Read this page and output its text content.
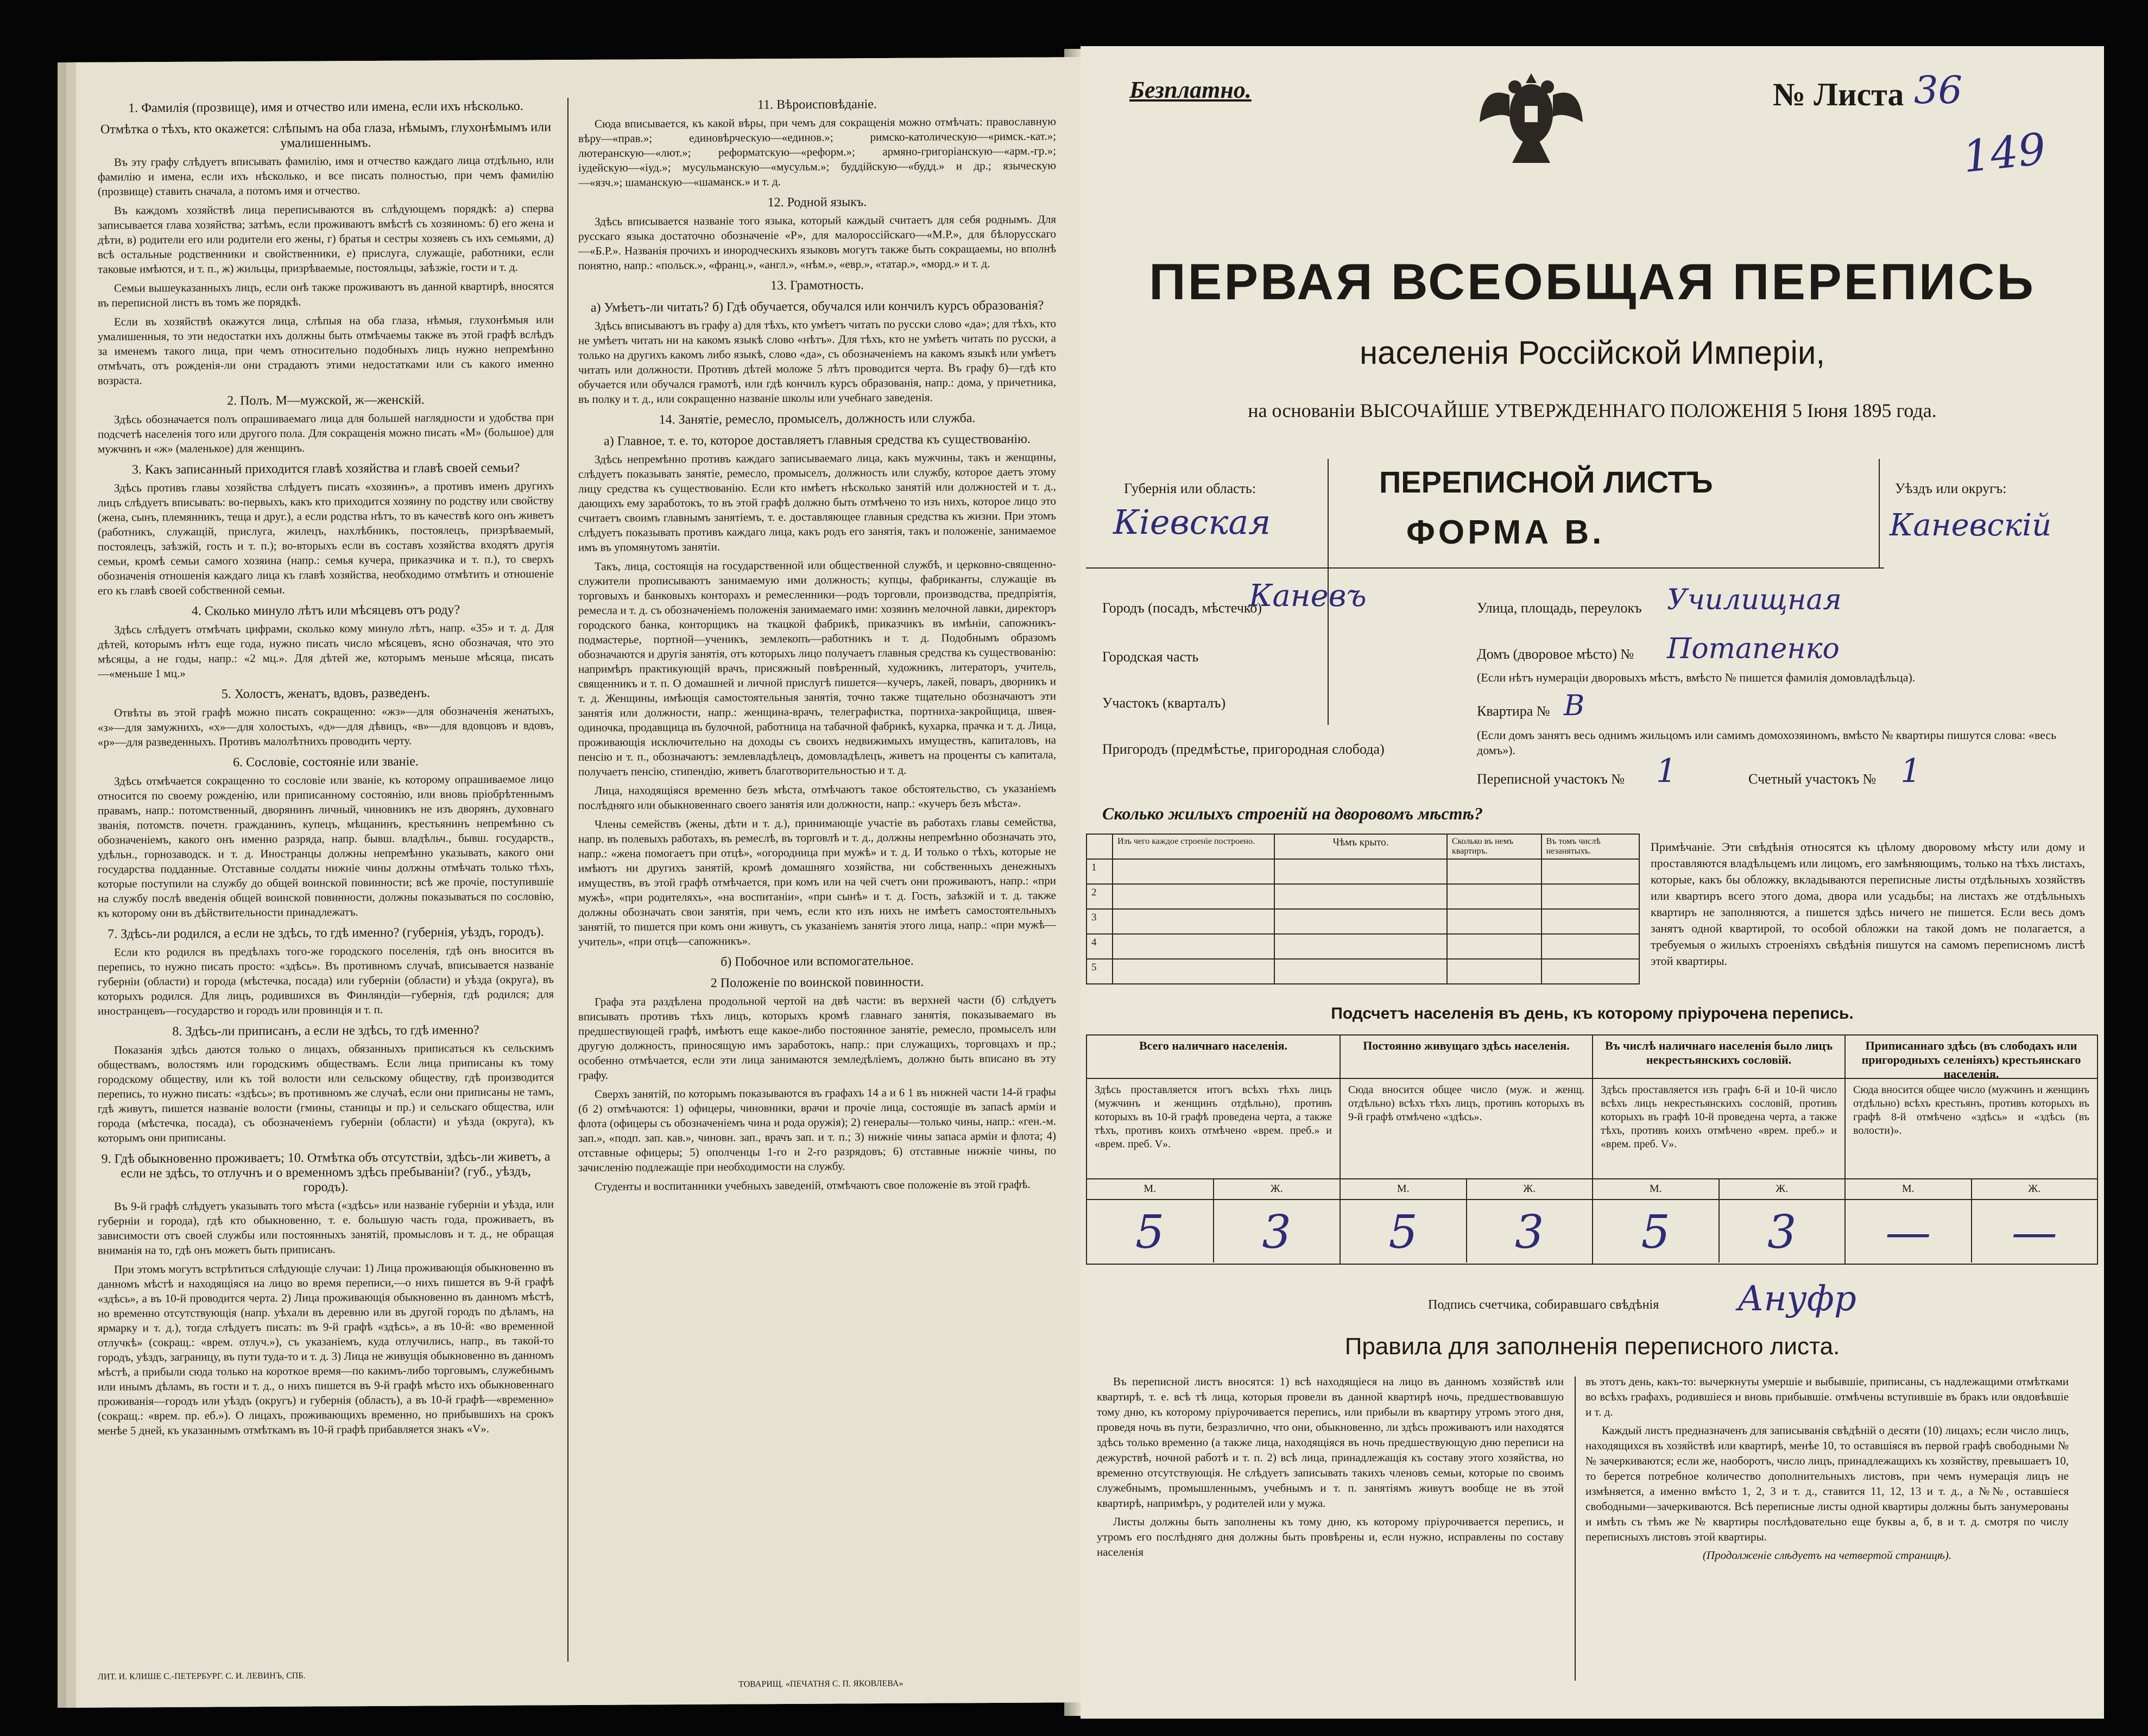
1. Фамилія (прозвище), имя и отчество или имена, если ихъ нѣсколько.
Отмѣтка о тѣхъ, кто окажется: слѣпымъ на оба глаза, нѣмымъ, глухонѣмымъ или умалишеннымъ.

Въ эту графу слѣдуетъ вписывать фамилію, имя и отчество каждаго лица отдѣльно, или фамилію и имена, если ихъ нѣсколько, и все писать полностью, при чемъ фамилію (прозвище) ставить сначала, а потомъ имя и отчество.

Въ каждомъ хозяйствѣ лица переписываются въ слѣдующемъ порядкѣ: а) сперва записывается глава хозяйства; затѣмъ, если проживаютъ вмѣстѣ съ хозяиномъ: б) его жена и дѣти, в) родители его или родители его жены, г) братья и сестры хозяевъ съ ихъ семьями, д) всѣ остальные родственники и свойственники, е) прислуга, служащіе, работники, если таковые имѣются, и т. п., ж) жильцы, призрѣваемые, постояльцы, заѣзжіе, гости и т. д.

Семьи вышеуказанныхъ лицъ, если онѣ также проживаютъ въ данной квартирѣ, вносятся въ переписной листъ въ томъ же порядкѣ.

Если въ хозяйствѣ окажутся лица, слѣпыя на оба глаза, нѣмыя, глухонѣмыя или умалишенныя, то эти недостатки ихъ должны быть отмѣчаемы также въ этой графѣ вслѣдъ за именемъ такого лица, при чемъ относительно подобныхъ лицъ нужно непремѣнно отмѣчать, отъ рожденія-ли они страдаютъ этими недостатками или съ какого именно возраста.

2. Полъ. М—мужской, ж—женскій.

Здѣсь обозначается полъ опрашиваемаго лица для большей наглядности и удобства при подсчетѣ населенія того или другого пола. Для сокращенія можно писать «М» (большое) для мужчинъ и «ж» (маленькое) для женщинъ.

3. Какъ записанный приходится главѣ хозяйства и главѣ своей семьи?

Здѣсь противъ главы хозяйства слѣдуетъ писать «хозяинъ», а противъ именъ другихъ лицъ слѣдуетъ вписывать: во-первыхъ, какъ кто приходится хозяину по родству или свойству (жена, сынъ, племянникъ, теща и друг.), а если родства нѣтъ, то въ качествѣ кого онъ живетъ (работникъ, служащій, прислуга, жилецъ, нахлѣбникъ, постоялецъ, призрѣваемый, постоялецъ, заѣзжій, гость и т. п.); во-вторыхъ если въ составъ хозяйства входятъ другія семьи, кромѣ семьи самого хозяина (напр.: семья кучера, приказчика и т. п.), то сверхъ обозначенія отношенія каждаго лица къ главѣ хозяйства, необходимо отмѣтить и отношеніе его къ главѣ своей собственной семьи.

4. Сколько минуло лѣтъ или мѣсяцевъ отъ роду?

Здѣсь слѣдуетъ отмѣчать цифрами, сколько кому минуло лѣтъ, напр. «35» и т. д. Для дѣтей, которымъ нѣтъ еще года, нужно писать число мѣсяцевъ, ясно обозначая, что это мѣсяцы, а не годы, напр.: «2 мц.». Для дѣтей же, которымъ меньше мѣсяца, писать—«меньше 1 мц.»

5. Холостъ, женатъ, вдовъ, разведенъ.

Отвѣты въ этой графѣ можно писать сокращенно: «жз»—для обозначенія женатыхъ, «з»—для замужнихъ, «х»—для холостыхъ, «д»—для дѣвицъ, «в»—для вдовцовъ и вдовъ, «р»—для разведенныхъ. Противъ малолѣтнихъ проводить черту.

6. Сословіе, состояніе или званіе.

Здѣсь отмѣчается сокращенно то сословіе или званіе, къ которому опрашиваемое лицо относится по своему рожденію, или приписанному состоянію, или вновь пріобрѣтеннымъ правамъ, напр.: потомственный, дворянинъ личный, чиновникъ не изъ дворянъ, духовнаго званія, потомств. почетн. гражданинъ, купецъ, мѣщанинъ, крестьянинъ непремѣнно съ обозначеніемъ, какого онъ именно разряда, напр. бывш. владѣльч., бывш. государств., удѣльн., горнозаводск. и т. д. Иностранцы должны непремѣнно указывать, какого они государства подданные. Отставные солдаты нижніе чины должны отмѣчать только тѣхъ, которые поступили на службу до общей воинской повинности; всѣ же прочіе, поступившіе на службу послѣ введенія общей воинской повинности, должны показываться по сословію, къ которому они въ дѣйствительности принадлежатъ.

7. Здѣсь-ли родился, а если не здѣсь, то гдѣ именно? (губернія, уѣздъ, городъ).

Если кто родился въ предѣлахъ того-же городского поселенія, гдѣ онъ вносится въ перепись, то нужно писать просто: «здѣсь». Въ противномъ случаѣ, вписывается названіе губерніи (области) и города (мѣстечка, посада) или губерніи (области) и уѣзда (округа), въ которыхъ родился. Для лицъ, родившихся въ Финляндіи—губернія, гдѣ родился; для иностранцевъ—государство и городъ или провинція и т. п.

8. Здѣсь-ли приписанъ, а если не здѣсь, то гдѣ именно?

Показанія здѣсь даются только о лицахъ, обязанныхъ приписаться къ сельскимъ обществамъ, волостямъ или городскимъ обществамъ. Если лица приписаны къ тому городскому обществу, или къ той волости или сельскому обществу, гдѣ производится перепись, то нужно писать: «здѣсь»; въ противномъ же случаѣ, если они приписаны не тамъ, гдѣ живутъ, пишется названіе волости (гмины, станицы и пр.) и сельскаго общества, или города (мѣстечка, посада), съ обозначеніемъ губерніи (области) и уѣзда (округа), къ которымъ они приписаны.

9. Гдѣ обыкновенно проживаетъ; 10. Отмѣтка объ отсутствіи, здѣсь-ли живетъ, а если не здѣсь, то отлучнъ и о временномъ здѣсь пребываніи? (губ., уѣздъ, городъ).

Въ 9-й графѣ слѣдуетъ указывать того мѣста («здѣсь» или названіе губерніи и уѣзда, или губерніи и города), гдѣ кто обыкновенно, т. е. большую часть года, проживаетъ, въ зависимости отъ своей службы или постоянныхъ занятій, промысловъ и т. д., не обращая вниманія на то, гдѣ онъ можетъ быть приписанъ.

При этомъ могутъ встрѣтиться слѣдующіе случаи: 1) Лица проживающія обыкновенно въ данномъ мѣстѣ и находящіяся на лицо во время переписи,—о нихъ пишется въ 9-й графѣ «здѣсь», а въ 10-й проводится черта. 2) Лица проживающія обыкновенно въ данномъ мѣстѣ, но временно отсутствующія (напр. уѣхали въ деревню или въ другой городъ по дѣламъ, на ярмарку и т. д.), тогда слѣдуетъ писать: въ 9-й графѣ «здѣсь», а въ 10-й: «во временной отлучкѣ» (сокращ.: «врем. отлуч.»), съ указаніемъ, куда отлучились, напр., въ такой-то городъ, уѣздъ, заграницу, въ пути туда-то и т. д. 3) Лица не живущія обыкновенно въ данномъ мѣстѣ, а прибыли сюда только на короткое время—по какимъ-либо торговымъ, служебнымъ или инымъ дѣламъ, въ гости и т. д., о нихъ пишется въ 9-й графѣ мѣсто ихъ обыкновеннаго проживанія—городъ или уѣздъ (округъ) и губернія (область), а въ 10-й графѣ—«временно» (сокращ.: «врем. пр. еб.»). О лицахъ, проживающихъ временно, но прибывшихъ на срокъ менѣе 5 дней, къ указаннымъ отмѣткамъ въ 10-й графѣ прибавляется знакъ «V».

11. Вѣроисповѣданіе.

Сюда вписывается, къ какой вѣры, при чемъ для сокращенія можно отмѣчать: православную вѣру—«прав.»; единовѣрческую—«единов.»; римско-католическую—«римск.-кат.»; лютеранскую—«лют.»; реформатскую—«реформ.»; армяно-григоріанскую—«арм.-гр.»; іудейскую—«іуд.»; мусульманскую—«мусульм.»; буддійскую—«будд.» и др.; языческую—«язч.»; шаманскую—«шаманск.» и т. д.

12. Родной языкъ.

Здѣсь вписывается названіе того языка, который каждый считаетъ для себя роднымъ. Для русскаго языка достаточно обозначеніе «Р», для малороссійскаго—«М.Р.», для бѣлорусскаго—«Б.Р.». Названія прочихъ и инородческихъ языковъ могутъ также быть сокращаемы, но вполнѣ понятно, напр.: «польск.», «франц.», «англ.», «нѣм.», «евр.», «татар.», «морд.» и т. д.

13. Грамотность.
а) Умѣетъ-ли читать? б) Гдѣ обучается, обучался или кончилъ курсъ образованія?

Здѣсь вписываютъ въ графу а) для тѣхъ, кто умѣетъ читать по русски слово «да»; для тѣхъ, кто не умѣетъ читать ни на какомъ языкѣ слово «нѣтъ». Для тѣхъ, кто не умѣетъ читать по русски, а только на другихъ какомъ либо языкѣ, слово «да», съ обозначеніемъ на какомъ языкѣ или умѣетъ читать или должности. Противъ дѣтей моложе 5 лѣтъ проводится черта. Въ графу б)—гдѣ кто обучается или обучался грамотѣ, или гдѣ кончилъ курсъ образованія, напр.: дома, у причетника, въ полку и т. д., или сокращенно названіе школы или учебнаго заведенія.

14. Занятіе, ремесло, промыселъ, должность или служба.
а) Главное, т. е. то, которое доставляетъ главныя средства къ существованію.

Здѣсь непремѣнно противъ каждаго записываемаго лица, какъ мужчины, такъ и женщины, слѣдуетъ показывать занятіе, ремесло, промыселъ, должность или службу, которое даетъ этому лицу средства къ существованію. Если кто имѣетъ нѣсколько занятій или должностей и т. д., дающихъ ему заработокъ, то въ этой графѣ должно быть отмѣчено то изъ нихъ, которое лицо это считаетъ своимъ главнымъ занятіемъ, т. е. доставляющее главныя средства къ жизни. При этомъ слѣдуетъ показывать противъ каждаго лица, какъ родъ его занятія, такъ и положеніе, занимаемое имъ въ упомянутомъ занятіи.

Такъ, лица, состоящія на государственной или общественной службѣ, и церковно-священно-служители прописываютъ занимаемую ими должность; купцы, фабриканты, служащіе въ торговыхъ и банковыхъ конторахъ и ремесленники—родъ торговли, производства, предпріятія, ремесла и т. д. съ обозначеніемъ положенія занимаемаго ими: хозяинъ мелочной лавки, директоръ городского банка, конторщикъ на ткацкой фабрикѣ, приказчикъ въ имѣніи, сапожникъ-подмастерье, портной—ученикъ, землекопъ—работникъ и т. д. Подобнымъ образомъ обозначаются и другія занятія, отъ которыхъ лицо получаетъ главныя средства къ существованію: напримѣръ практикующій врачъ, присяжный повѣренный, художникъ, литераторъ, учитель, священникъ и т. п. О домашней и личной прислугѣ пишется—кучеръ, лакей, поваръ, дворникъ и т. д. Женщины, имѣющія самостоятельныя занятія, точно также тщательно обозначаютъ эти занятія или должности, напр.: женщина-врачъ, телеграфистка, портниха-закройщица, швея-одиночка, продавщица въ булочной, работница на табачной фабрикѣ, кухарка, прачка и т. д. Лица, проживающія исключительно на доходы съ своихъ недвижимыхъ имуществъ, капиталовъ, на пенсію и т. п., обозначаютъ: землевладѣлецъ, домовладѣлецъ, живетъ на проценты съ капитала, получаетъ пенсію, стипендію, живетъ благотворительностью и т. д.

Лица, находящіяся временно безъ мѣста, отмѣчаютъ такое обстоятельство, съ указаніемъ послѣдняго или обыкновеннаго своего занятія или должности, напр.: «кучеръ безъ мѣста».

Члены семействъ (жены, дѣти и т. д.), принимающіе участіе въ работахъ главы семейства, напр. въ полевыхъ работахъ, въ ремеслѣ, въ торговлѣ и т. д., должны непремѣнно обозначать это, напр.: «жена помогаетъ при отцѣ», «огородница при мужѣ» и т. д. И только о тѣхъ, которые не имѣютъ ни другихъ занятій, кромѣ домашняго хозяйства, ни собственныхъ денежныхъ имуществъ, въ этой графѣ отмѣчается, при комъ или на чей счетъ они проживаютъ, напр.: «при мужѣ», «при родителяхъ», «на воспитаніи», «при сынѣ» и т. д. Гость, заѣзжій и т. д. также должны обозначать свои занятія, при чемъ, если кто изъ нихъ не имѣетъ самостоятельныхъ занятій, то пишется при комъ они живутъ, съ указаніемъ занятія этого лица, напр.: «при мужѣ—учитель», «при отцѣ—сапожникъ».

б) Побочное или вспомогательное.
2 Положеніе по воинской повинности.

Графа эта раздѣлена продольной чертой на двѣ части: въ верхней части (б) слѣдуетъ вписывать противъ тѣхъ лицъ, которыхъ кромѣ главнаго занятія, показываемаго въ предшествующей графѣ, имѣютъ еще какое-либо постоянное занятіе, ремесло, промыселъ или другую должность, приносящую имъ заработокъ, напр.: при служащихъ, торговцахъ и пр.; особенно отмѣчается, если эти лица занимаются земледѣліемъ, должно быть вписано въ эту графу.

Сверхъ занятій, по которымъ показываются въ графахъ 14 а и 6 1 въ нижней части 14-й графы (б 2) отмѣчаются: 1) офицеры, чиновники, врачи и прочіе лица, состоящіе въ запасѣ арміи и флота (офицеры съ обозначеніемъ чина и рода оружія); 2) генералы—только чины, напр.: «ген.-м. зап.», «подп. зап. кав.», чиновн. зап., врачъ зап. и т. п.; 3) нижніе чины запаса арміи и флота; 4) отставные офицеры; 5) ополченцы 1-го и 2-го разрядовъ; 6) отставные нижніе чины, по зачисленію подлежащіе при необходимости на службу.

Студенты и воспитанники учебныхъ заведеній, отмѣчаютъ свое положеніе въ этой графѣ.

ЛИТ. И. КЛИШЕ С.-ПЕТЕРБУРГ. С. И. ЛЕВИНЪ, СПБ.
ТОВАРИЩ. «ПЕЧАТНЯ С. П. ЯКОВЛЕВА»
Безплатно.	№ Листа 36
149
ПЕРВАЯ ВСЕОБЩАЯ ПЕРЕПИСЬ
населенія Россійской Имперіи,
на основаніи ВЫСОЧАЙШЕ УТВЕРЖДЕННАГО ПОЛОЖЕНІЯ 5 Іюня 1895 года.
Губернія или область:
Кіевская
ПЕРЕПИСНОЙ ЛИСТЪ
ФОРМА В.
Уѣздъ или округъ:
Каневскій
Городъ (посадъ, мѣстечко)
Каневъ
Городская часть
Участокъ (кварталъ)
Пригородъ (предмѣстье, пригородная слобода)
Улица, площадь, переулокъ Училищная
Домъ (дворовое мѣсто) № Потапенко
(Если нѣтъ нумераціи дворовыхъ мѣстъ, вмѣсто № пишется фамилія домовладѣльца).
Квартира № В
(Если домъ занятъ весь однимъ жильцомъ или самимъ домохозяиномъ, вмѣсто № квартиры пишутся слова: «весь домъ»).
Переписной участокъ № 1	Счетный участокъ № 1
Сколько жилыхъ строеній на дворовомъ мѣстѣ?
	Изъ чего каждое строеніе построено.	Чѣмъ крыто.	Сколько въ немъ квартиръ.	Въ томъ числѣ незанятыхъ.
1				
2				
3				
4				
5				
Примѣчаніе. Эти свѣдѣнія относятся къ цѣлому дворовому мѣсту или дому и проставляются владѣльцемъ или лицомъ, его замѣняющимъ, только на тѣхъ листахъ, которые, какъ бы обложку, вкладываются переписные листы отдѣльныхъ хозяйствъ или квартиръ всего этого дома, двора или усадьбы; на листахъ же отдѣльныхъ квартиръ не заполняются, а пишется здѣсь ничего не пишется. Если весь домъ занятъ одной квартирой, то особой обложки на такой домъ не полагается, а требуемыя о жилыхъ строеніяхъ свѣдѣнія пишутся на самомъ переписномъ листѣ этой квартиры.
Подсчетъ населенія въ день, къ которому пріурочена перепись.
Всего наличнаго населенія.
Здѣсь проставляется итогъ всѣхъ тѣхъ лицъ (мужчинъ и женщинъ отдѣльно), противъ которыхъ въ 10-й графѣ проведена черта, а также тѣхъ, противъ коихъ отмѣчено «врем. преб.» и «врем. преб. V».
М.	Ж.
5	3
Постоянно живущаго здѣсь населенія.
Сюда вносится общее число (муж. и женщ. отдѣльно) всѣхъ тѣхъ лицъ, противъ которыхъ въ 9-й графѣ отмѣчено «здѣсь».
М.	Ж.
5	3
Въ числѣ наличнаго населенія было лицъ некрестьянскихъ сословій.
Здѣсь проставляется изъ графъ 6-й и 10-й число всѣхъ лицъ некрестьянскихъ сословій, противъ которыхъ въ графѣ 10-й проведена черта, а также тѣхъ, противъ коихъ отмѣчено «врем. преб.» и «врем. преб. V».
М.	Ж.
5	3
Приписаннаго здѣсь (въ слободахъ или пригородныхъ селеніяхъ) крестьянскаго населенія.
Сюда вносится общее число (мужчинъ и женщинъ отдѣльно) всѣхъ крестьянъ, противъ которыхъ въ графѣ 8-й отмѣчено «здѣсь» и «здѣсь (въ волости)».
М.	Ж.
—	—
Подпись счетчика, собиравшаго свѣдѣнія Ануфр
Правила для заполненія переписного листа.

Въ переписной листъ вносятся: 1) всѣ находящіеся на лицо въ данномъ хозяйствѣ или квартирѣ, т. е. всѣ тѣ лица, которыя провели въ данной квартирѣ ночь, предшествовавшую тому дню, къ которому пріурочивается перепись, или прибыли въ квартиру утромъ этого дня, проведя ночь въ пути, безразлично, что они, обыкновенно, ли здѣсь проживаютъ или находятся здѣсь только временно (а также лица, находящіяся въ ночь предшествующую дню переписи на дежурствѣ, ночной работѣ и т. п. 2) всѣ лица, принадлежащія къ составу этого хозяйства, но временно отсутствующія. Не слѣдуетъ записывать такихъ членовъ семьи, которые по своимъ служебнымъ, промышленнымъ, учебнымъ и т. п. занятіямъ живутъ вообще не въ этой квартирѣ, напримѣръ, у родителей или у мужа.

Листы должны быть заполнены къ тому дню, къ которому пріурочивается перепись, и утромъ его послѣдняго дня должны быть провѣрены и, если нужно, исправлены по составу населенія

въ этотъ день, какъ-то: вычеркнуты умершіе и выбывшіе, приписаны, съ надлежащими отмѣтками во всѣхъ графахъ, родившіеся и вновь прибывшіе. отмѣчены вступившіе въ бракъ или овдовѣвшіе и т. д.

Каждый листъ предназначенъ для записыванія свѣдѣній о десяти (10) лицахъ; если число лицъ, находящихся въ хозяйствѣ или квартирѣ, менѣе 10, то оставшіяся въ первой графѣ свободными №№ зачеркиваются; если же, наоборотъ, число лицъ, принадлежащихъ къ хозяйству, превышаетъ 10, то берется потребное количество дополнительныхъ листовъ, при чемъ нумерація лицъ не измѣняется, а именно вмѣсто 1, 2, 3 и т. д., ставится 11, 12, 13 и т. д., а №№, оставшіеся свободными—зачеркиваются. Всѣ переписные листы одной квартиры должны быть занумерованы и имѣть съ тѣмъ же № квартиры послѣдовательно еще буквы а, б, в и т. д. смотря по числу переписныхъ листовъ этой квартиры.

(Продолженіе слѣдуетъ на четвертой страницѣ).
